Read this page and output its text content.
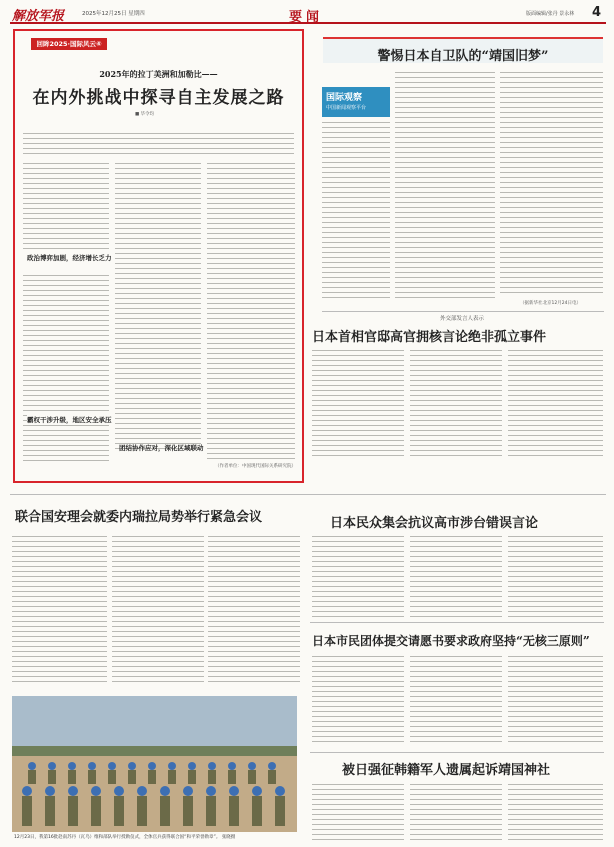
解放军报	2025年12月25日 星期四	要闻	版面编辑/张丹 景永林 4
回眸2025·国际风云④
2025年的拉丁美洲和加勒比——
在内外挑战中探寻自主发展之路
■ 毕令均
政治博弈加剧，经济增长乏力
霸权干涉升级，地区安全承压
团结协作应对，深化区域联动
（作者单位：中国现代国际关系研究院）
警惕日本自卫队的“靖国旧梦”
国际观察
中国新闻观察平台
（据新华社北京12月24日电）
外交部发言人表示
日本首相官邸高官拥核言论绝非孤立事件
联合国安理会就委内瑞拉局势举行紧急会议	日本民众集会抗议高市涉台错误言论
日本市民团体提交请愿书要求政府坚持“无核三原则”
被日强征韩籍军人遗属起诉靖国神社
12月23日，我第16批赴南苏丹（瓦乌）维和部队举行授勋仪式，全体官兵获得联合国“和平荣誉勋章”。 张晓摄
